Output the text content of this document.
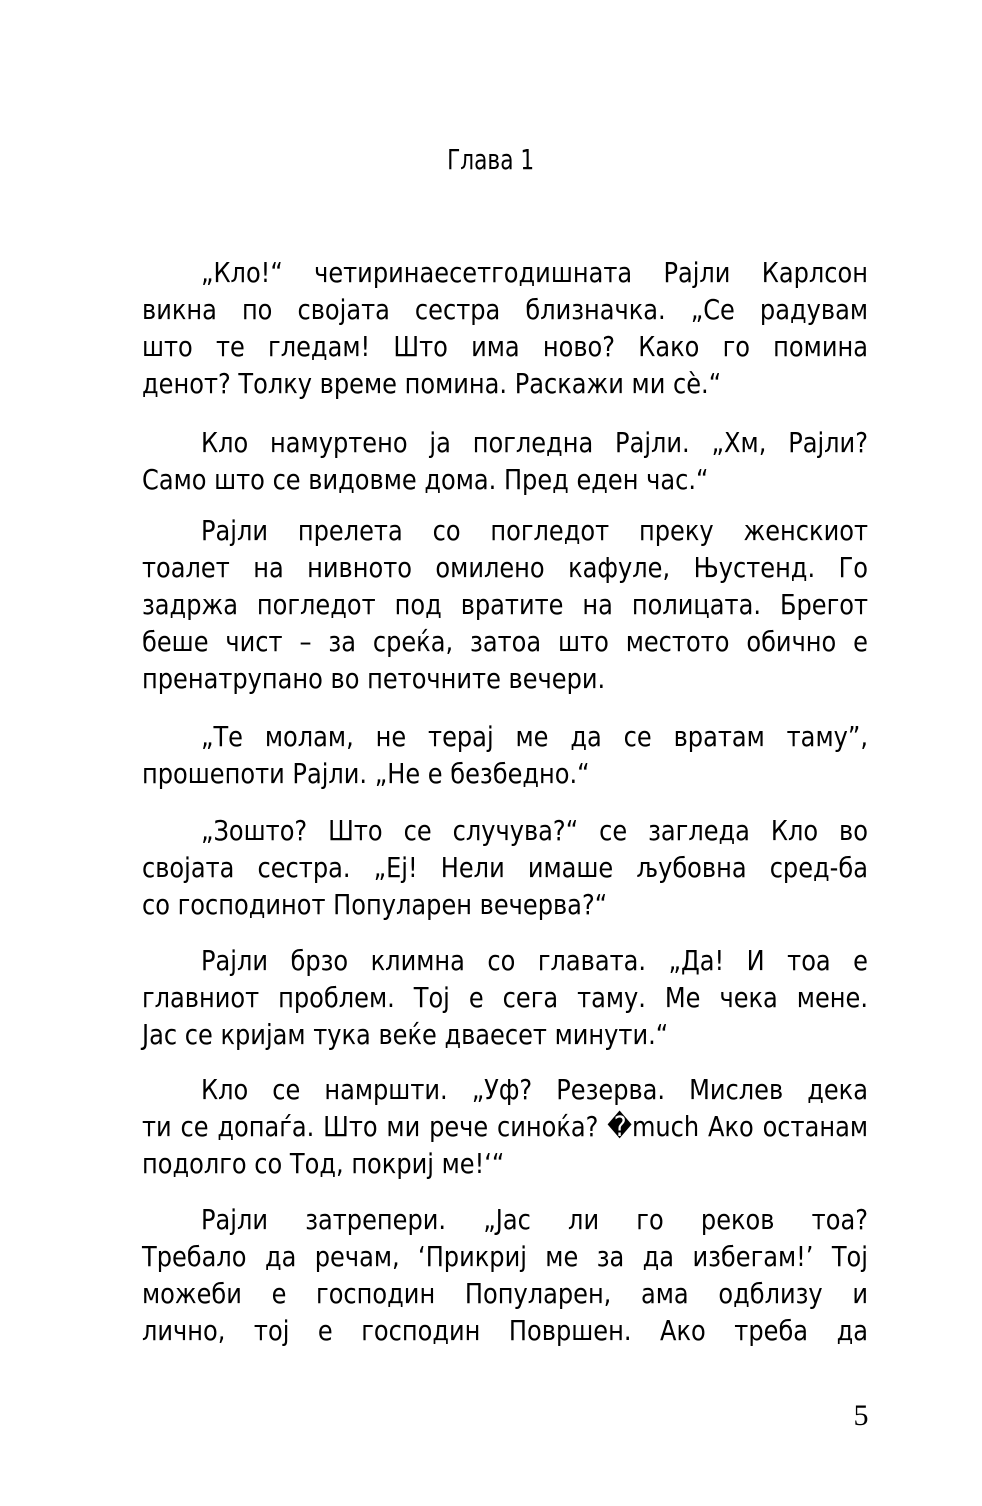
Глава 1
„Кло!“ четиринаесетгодишната Рајли Карлсон
викна по својата сестра близначка. „Се радувам
што те гледам! Што има ново? Како го помина
денот? Толку време помина. Раскажи ми сѐ.“
Кло намуртено ја погледна Рајли. „Хм, Рајли?
Само што се видовме дома. Пред еден час.“
Рајли прелета со погледот преку женскиот
тоалет на нивното омилено кафуле, Њустенд. Го
задржа погледот под вратите на полицата. Брегот
беше чист – за среќа, затоа што местото обично е
пренатрупано во петочните вечери.
„Те молам, не терај ме да се вратам таму”,
прошепоти Рајли. „Не е безбедно.“
„Зошто? Што се случува?“ се загледа Кло во
својата сестра. „Еј! Нели имаше љубовна сред-ба
со господинот Популарен вечерва?“
Рајли брзо климна со главата. „Да! И тоа е
главниот проблем. Тој е сега таму. Ме чека мене.
Јас се криjам тука веќе дваесет минути.“
Кло се намршти. „Уф? Резерва. Мислев дека
ти се допаѓа. Што ми рече синоќа? �much Ако останам
подолго со Тод, покриј ме!‘“
Рајли затрепери. „Јас ли го реков тоа?
Требало да речам, ‘Прикриј ме за да избегам!’ Тој
можеби е господин Популарен, ама одблизу и
лично, тој е господин Површен. Ако треба да
5
